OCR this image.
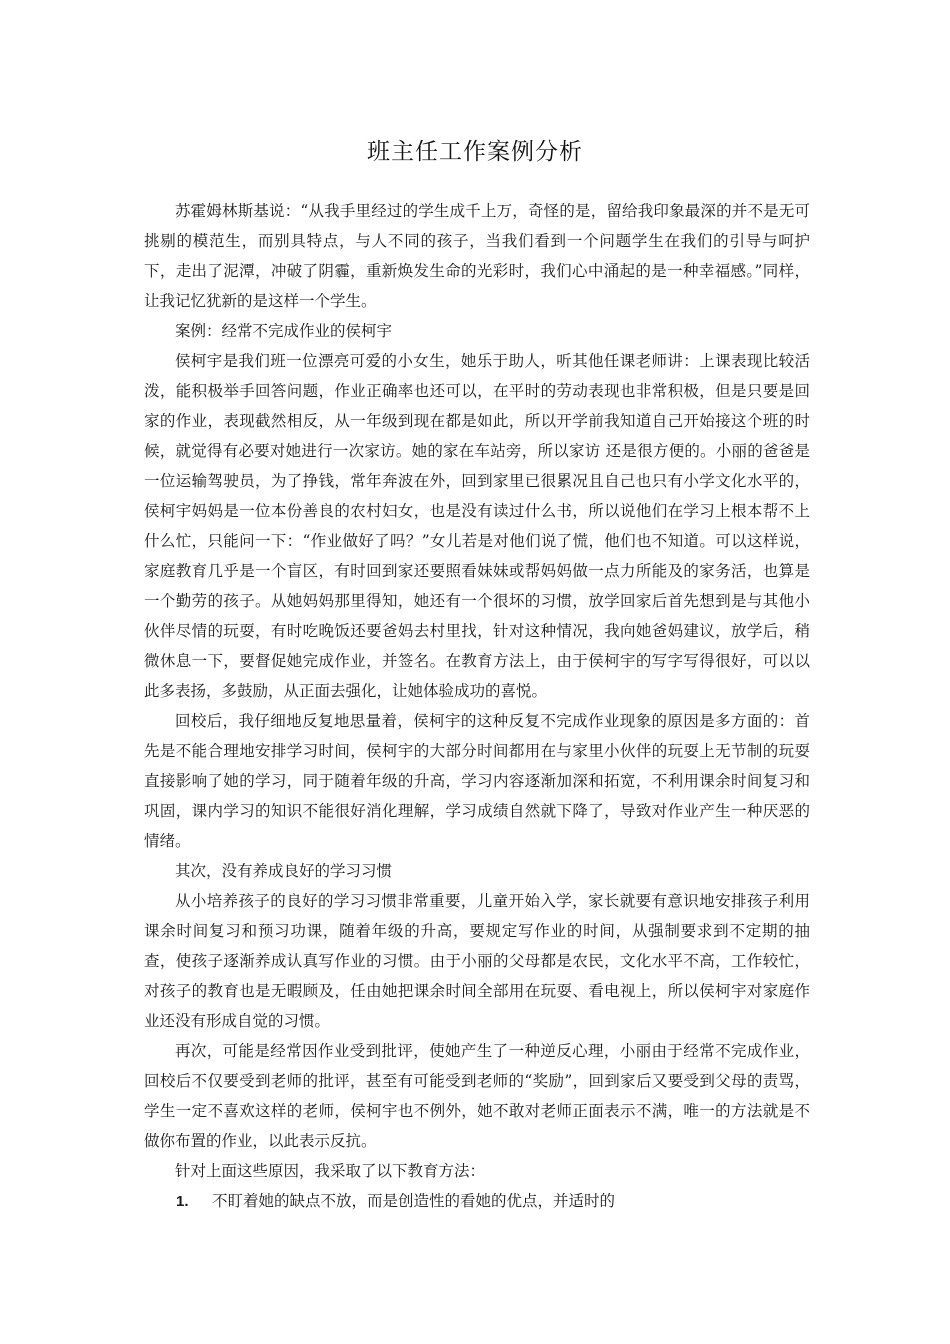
班主任工作案例分析

苏霍姆林斯基说：“从我手里经过的学生成千上万，奇怪的是，留给我印象最深的并不是无可挑剔的模范生，而别具特点，与人不同的孩子，当我们看到一个问题学生在我们的引导与呵护下，走出了泥潭，冲破了阴霾，重新焕发生命的光彩时，我们心中涌起的是一种幸福感。”同样，让我记忆犹新的是这样一个学生。

案例：经常不完成作业的侯柯宇

侯柯宇是我们班一位漂亮可爱的小女生，她乐于助人，听其他任课老师讲：上课表现比较活泼，能积极举手回答问题，作业正确率也还可以，在平时的劳动表现也非常积极，但是只要是回家的作业，表现截然相反，从一年级到现在都是如此，所以开学前我知道自己开始接这个班的时候，就觉得有必要对她进行一次家访。她的家在车站旁，所以家访 还是很方便的。小丽的爸爸是一位运输驾驶员，为了挣钱，常年奔波在外，回到家里已很累况且自己也只有小学文化水平的，侯柯宇妈妈是一位本份善良的农村妇女，也是没有读过什么书，所以说他们在学习上根本帮不上什么忙，只能问一下：“作业做好了吗？”女儿若是对他们说了慌，他们也不知道。可以这样说，家庭教育几乎是一个盲区，有时回到家还要照看妹妹或帮妈妈做一点力所能及的家务活，也算是一个勤劳的孩子。从她妈妈那里得知，她还有一个很坏的习惯，放学回家后首先想到是与其他小伙伴尽情的玩耍，有时吃晚饭还要爸妈去村里找，针对这种情况，我向她爸妈建议，放学后，稍微休息一下，要督促她完成作业，并签名。在教育方法上，由于侯柯宇的写字写得很好，可以以此多表扬，多鼓励，从正面去强化，让她体验成功的喜悦。

回校后，我仔细地反复地思量着，侯柯宇的这种反复不完成作业现象的原因是多方面的：首先是不能合理地安排学习时间，侯柯宇的大部分时间都用在与家里小伙伴的玩耍上无节制的玩耍直接影响了她的学习，同于随着年级的升高，学习内容逐渐加深和拓宽，不利用课余时间复习和巩固，课内学习的知识不能很好消化理解，学习成绩自然就下降了，导致对作业产生一种厌恶的情绪。

其次，没有养成良好的学习习惯

从小培养孩子的良好的学习习惯非常重要，儿童开始入学，家长就要有意识地安排孩子利用课余时间复习和预习功课，随着年级的升高，要规定写作业的时间，从强制要求到不定期的抽查，使孩子逐渐养成认真写作业的习惯。由于小丽的父母都是农民，文化水平不高，工作较忙，对孩子的教育也是无暇顾及，任由她把课余时间全部用在玩耍、看电视上，所以侯柯宇对家庭作业还没有形成自觉的习惯。

再次，可能是经常因作业受到批评，使她产生了一种逆反心理，小丽由于经常不完成作业，回校后不仅要受到老师的批评，甚至有可能受到老师的“奖励”，回到家后又要受到父母的责骂，学生一定不喜欢这样的老师，侯柯宇也不例外，她不敢对老师正面表示不满，唯一的方法就是不做你布置的作业，以此表示反抗。

针对上面这些原因，我采取了以下教育方法：

1. 不盯着她的缺点不放，而是创造性的看她的优点，并适时的
